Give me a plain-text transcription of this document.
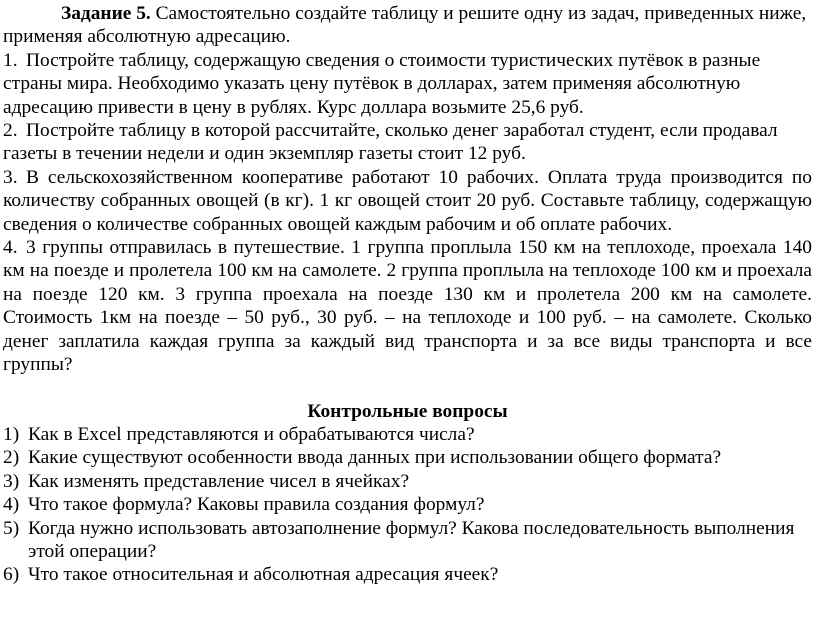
Задание 5. Самостоятельно создайте таблицу и решите одну из задач, приведенных ниже, применяя абсолютную адресацию.

1. Постройте таблицу, содержащую сведения о стоимости туристических путёвок в разные страны мира. Необходимо указать цену путёвок в долларах, затем применяя абсолютную адресацию привести в цену в рублях. Курс доллара возьмите 25,6 руб.

2. Постройте таблицу в которой рассчитайте, сколько денег заработал студент, если продавал газеты в течении недели и один экземпляр газеты стоит 12 руб.

3. В сельскохозяйственном кооперативе работают 10 рабочих. Оплата труда производится по количеству собранных овощей (в кг). 1 кг овощей стоит 20 руб. Составьте таблицу, содержащую сведения о количестве собранных овощей каждым рабочим и об оплате рабочих.

4. 3 группы отправилась в путешествие. 1 группа проплыла 150 км на теплоходе, проехала 140 км на поезде и пролетела 100 км на самолете. 2 группа проплыла на теплоходе 100 км и проехала на поезде 120 км. 3 группа проехала на поезде 130 км и пролетела 200 км на самолете. Стоимость 1км на поезде – 50 руб., 30 руб. – на теплоходе и 100 руб. – на самолете. Сколько денег заплатила каждая группа за каждый вид транспорта и за все виды транспорта и все группы?

Контрольные вопросы

1) Как в Excel представляются и обрабатываются числа?
2) Какие существуют особенности ввода данных при использовании общего формата?
3) Как изменять представление чисел в ячейках?
4) Что такое формула? Каковы правила создания формул?
5) Когда нужно использовать автозаполнение формул? Какова последовательность выполнения этой операции?
6) Что такое относительная и абсолютная адресация ячеек?
